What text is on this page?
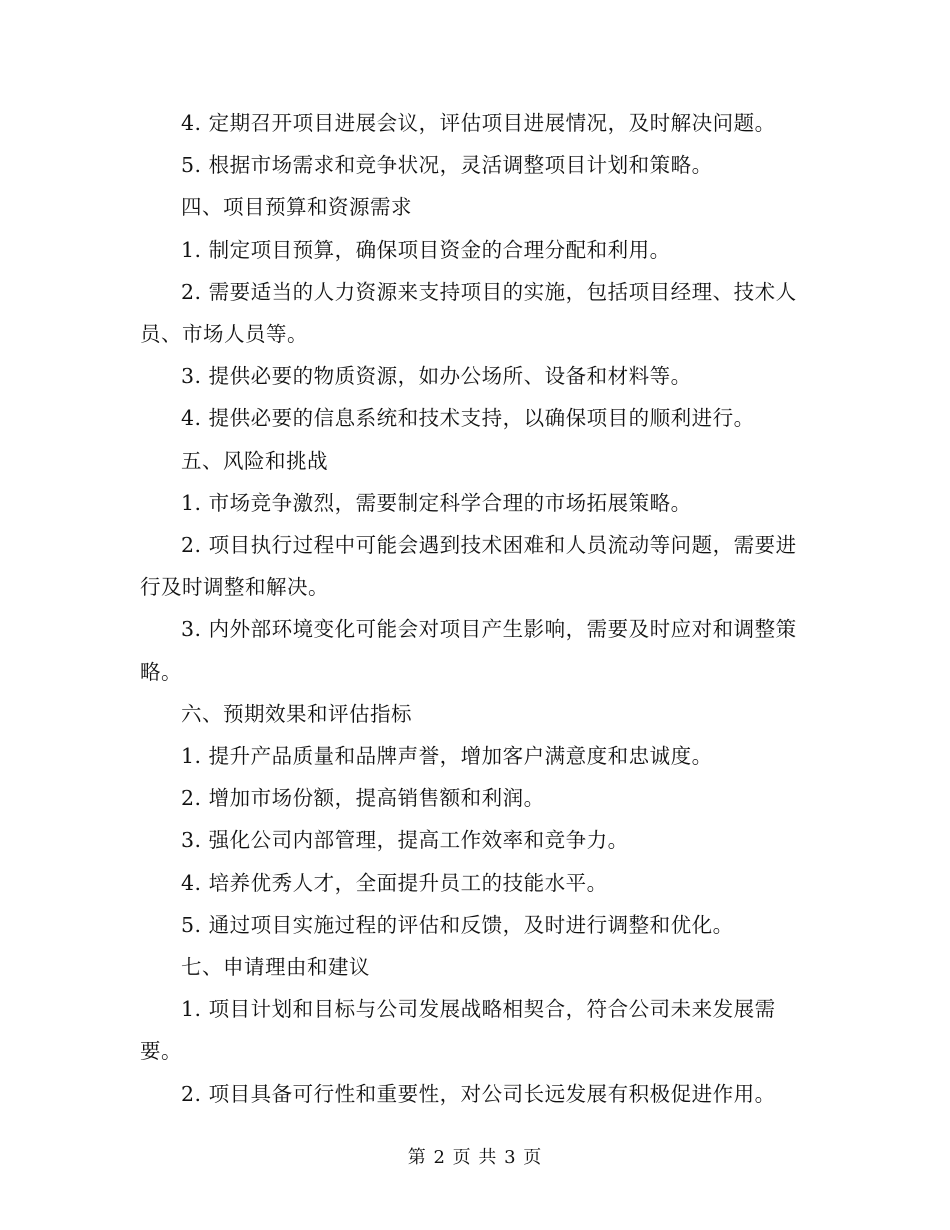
4. 定期召开项目进展会议，评估项目进展情况，及时解决问题。

5. 根据市场需求和竞争状况，灵活调整项目计划和策略。

四、项目预算和资源需求

1. 制定项目预算，确保项目资金的合理分配和利用。

2. 需要适当的人力资源来支持项目的实施，包括项目经理、技术人员、市场人员等。

3. 提供必要的物质资源，如办公场所、设备和材料等。

4. 提供必要的信息系统和技术支持，以确保项目的顺利进行。

五、风险和挑战

1. 市场竞争激烈，需要制定科学合理的市场拓展策略。

2. 项目执行过程中可能会遇到技术困难和人员流动等问题，需要进行及时调整和解决。

3. 内外部环境变化可能会对项目产生影响，需要及时应对和调整策略。

六、预期效果和评估指标

1. 提升产品质量和品牌声誉，增加客户满意度和忠诚度。

2. 增加市场份额，提高销售额和利润。

3. 强化公司内部管理，提高工作效率和竞争力。

4. 培养优秀人才，全面提升员工的技能水平。

5. 通过项目实施过程的评估和反馈，及时进行调整和优化。

七、申请理由和建议

1. 项目计划和目标与公司发展战略相契合，符合公司未来发展需要。

2. 项目具备可行性和重要性，对公司长远发展有积极促进作用。

第 2 页 共 3 页
